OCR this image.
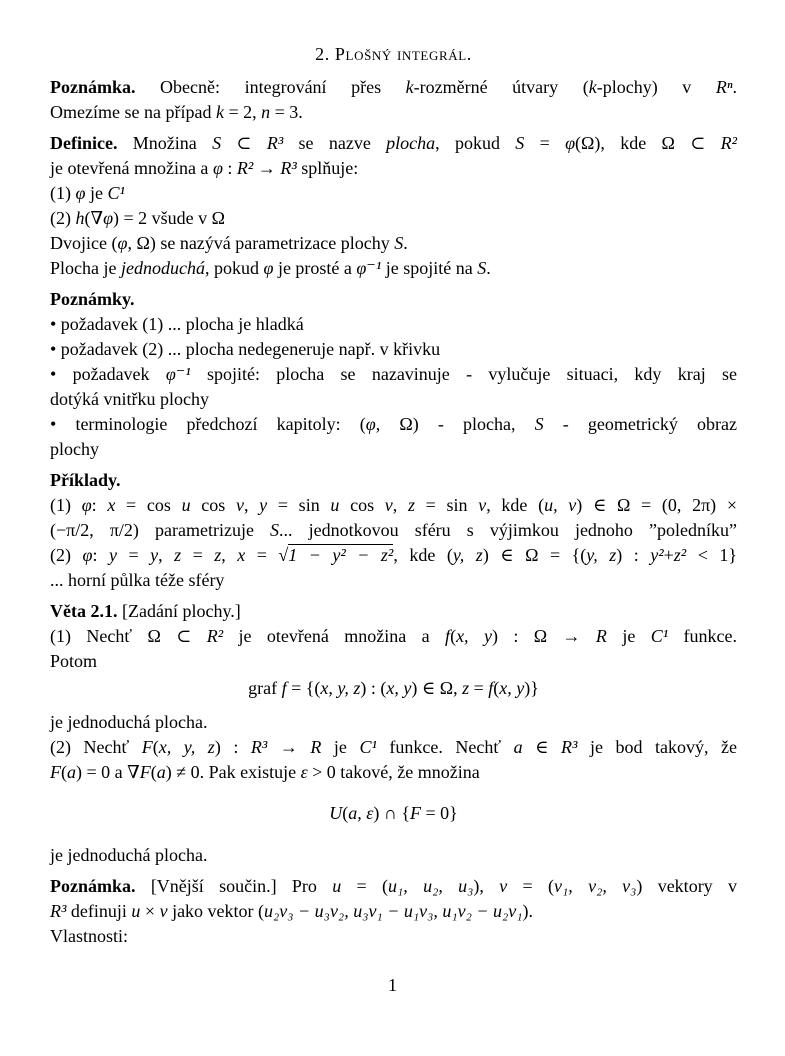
2. Plošný integrál.
Poznámka. Obecně: integrování přes k-rozměrné útvary (k-plochy) v Rⁿ.
Omezíme se na případ k = 2, n = 3.
Definice. Množina S ⊂ R³ se nazve plocha, pokud S = φ(Ω), kde Ω ⊂ R²
je otevřená množina a φ : R² → R³ splňuje:
(1) φ je C¹
(2) h(∇φ) = 2 všude v Ω
Dvojice (φ, Ω) se nazývá parametrizace plochy S.
Plocha je jednoduchá, pokud φ je prosté a φ⁻¹ je spojité na S.
Poznámky.
• požadavek (1) ... plocha je hladká
• požadavek (2) ... plocha nedegeneruje např. v křivku
• požadavek φ⁻¹ spojité: plocha se nazavinuje - vylučuje situaci, kdy kraj se
dotýká vnitřku plochy
• terminologie předchozí kapitoly: (φ, Ω) - plocha, S - geometrický obraz
plochy
Příklady.
(1) φ: x = cos u cos v, y = sin u cos v, z = sin v, kde (u, v) ∈ Ω = (0, 2π) ×
(−π/2, π/2) parametrizuje S... jednotkovou sféru s výjimkou jednoho ”poledníku”
(2) φ: y = y, z = z, x = √1 − y² − z², kde (y, z) ∈ Ω = {(y, z) : y²+z² < 1}
... horní půlka téže sféry
Věta 2.1. [Zadání plochy.]
(1) Nechť Ω ⊂ R² je otevřená množina a f(x, y) : Ω → R je C¹ funkce.
Potom
graf f = {(x, y, z) : (x, y) ∈ Ω, z = f(x, y)}
je jednoduchá plocha.
(2) Nechť F(x, y, z) : R³ → R je C¹ funkce. Nechť a ∈ R³ je bod takový, že
F(a) = 0 a ∇F(a) ≠ 0. Pak existuje ε > 0 takové, že množina
U(a, ε) ∩ {F = 0}
je jednoduchá plocha.
Poznámka. [Vnější součin.] Pro u = (u₁, u₂, u₃), v = (v₁, v₂, v₃) vektory v
R³ definuji u × v jako vektor (u₂v₃ − u₃v₂, u₃v₁ − u₁v₃, u₁v₂ − u₂v₁).
Vlastnosti:
1
